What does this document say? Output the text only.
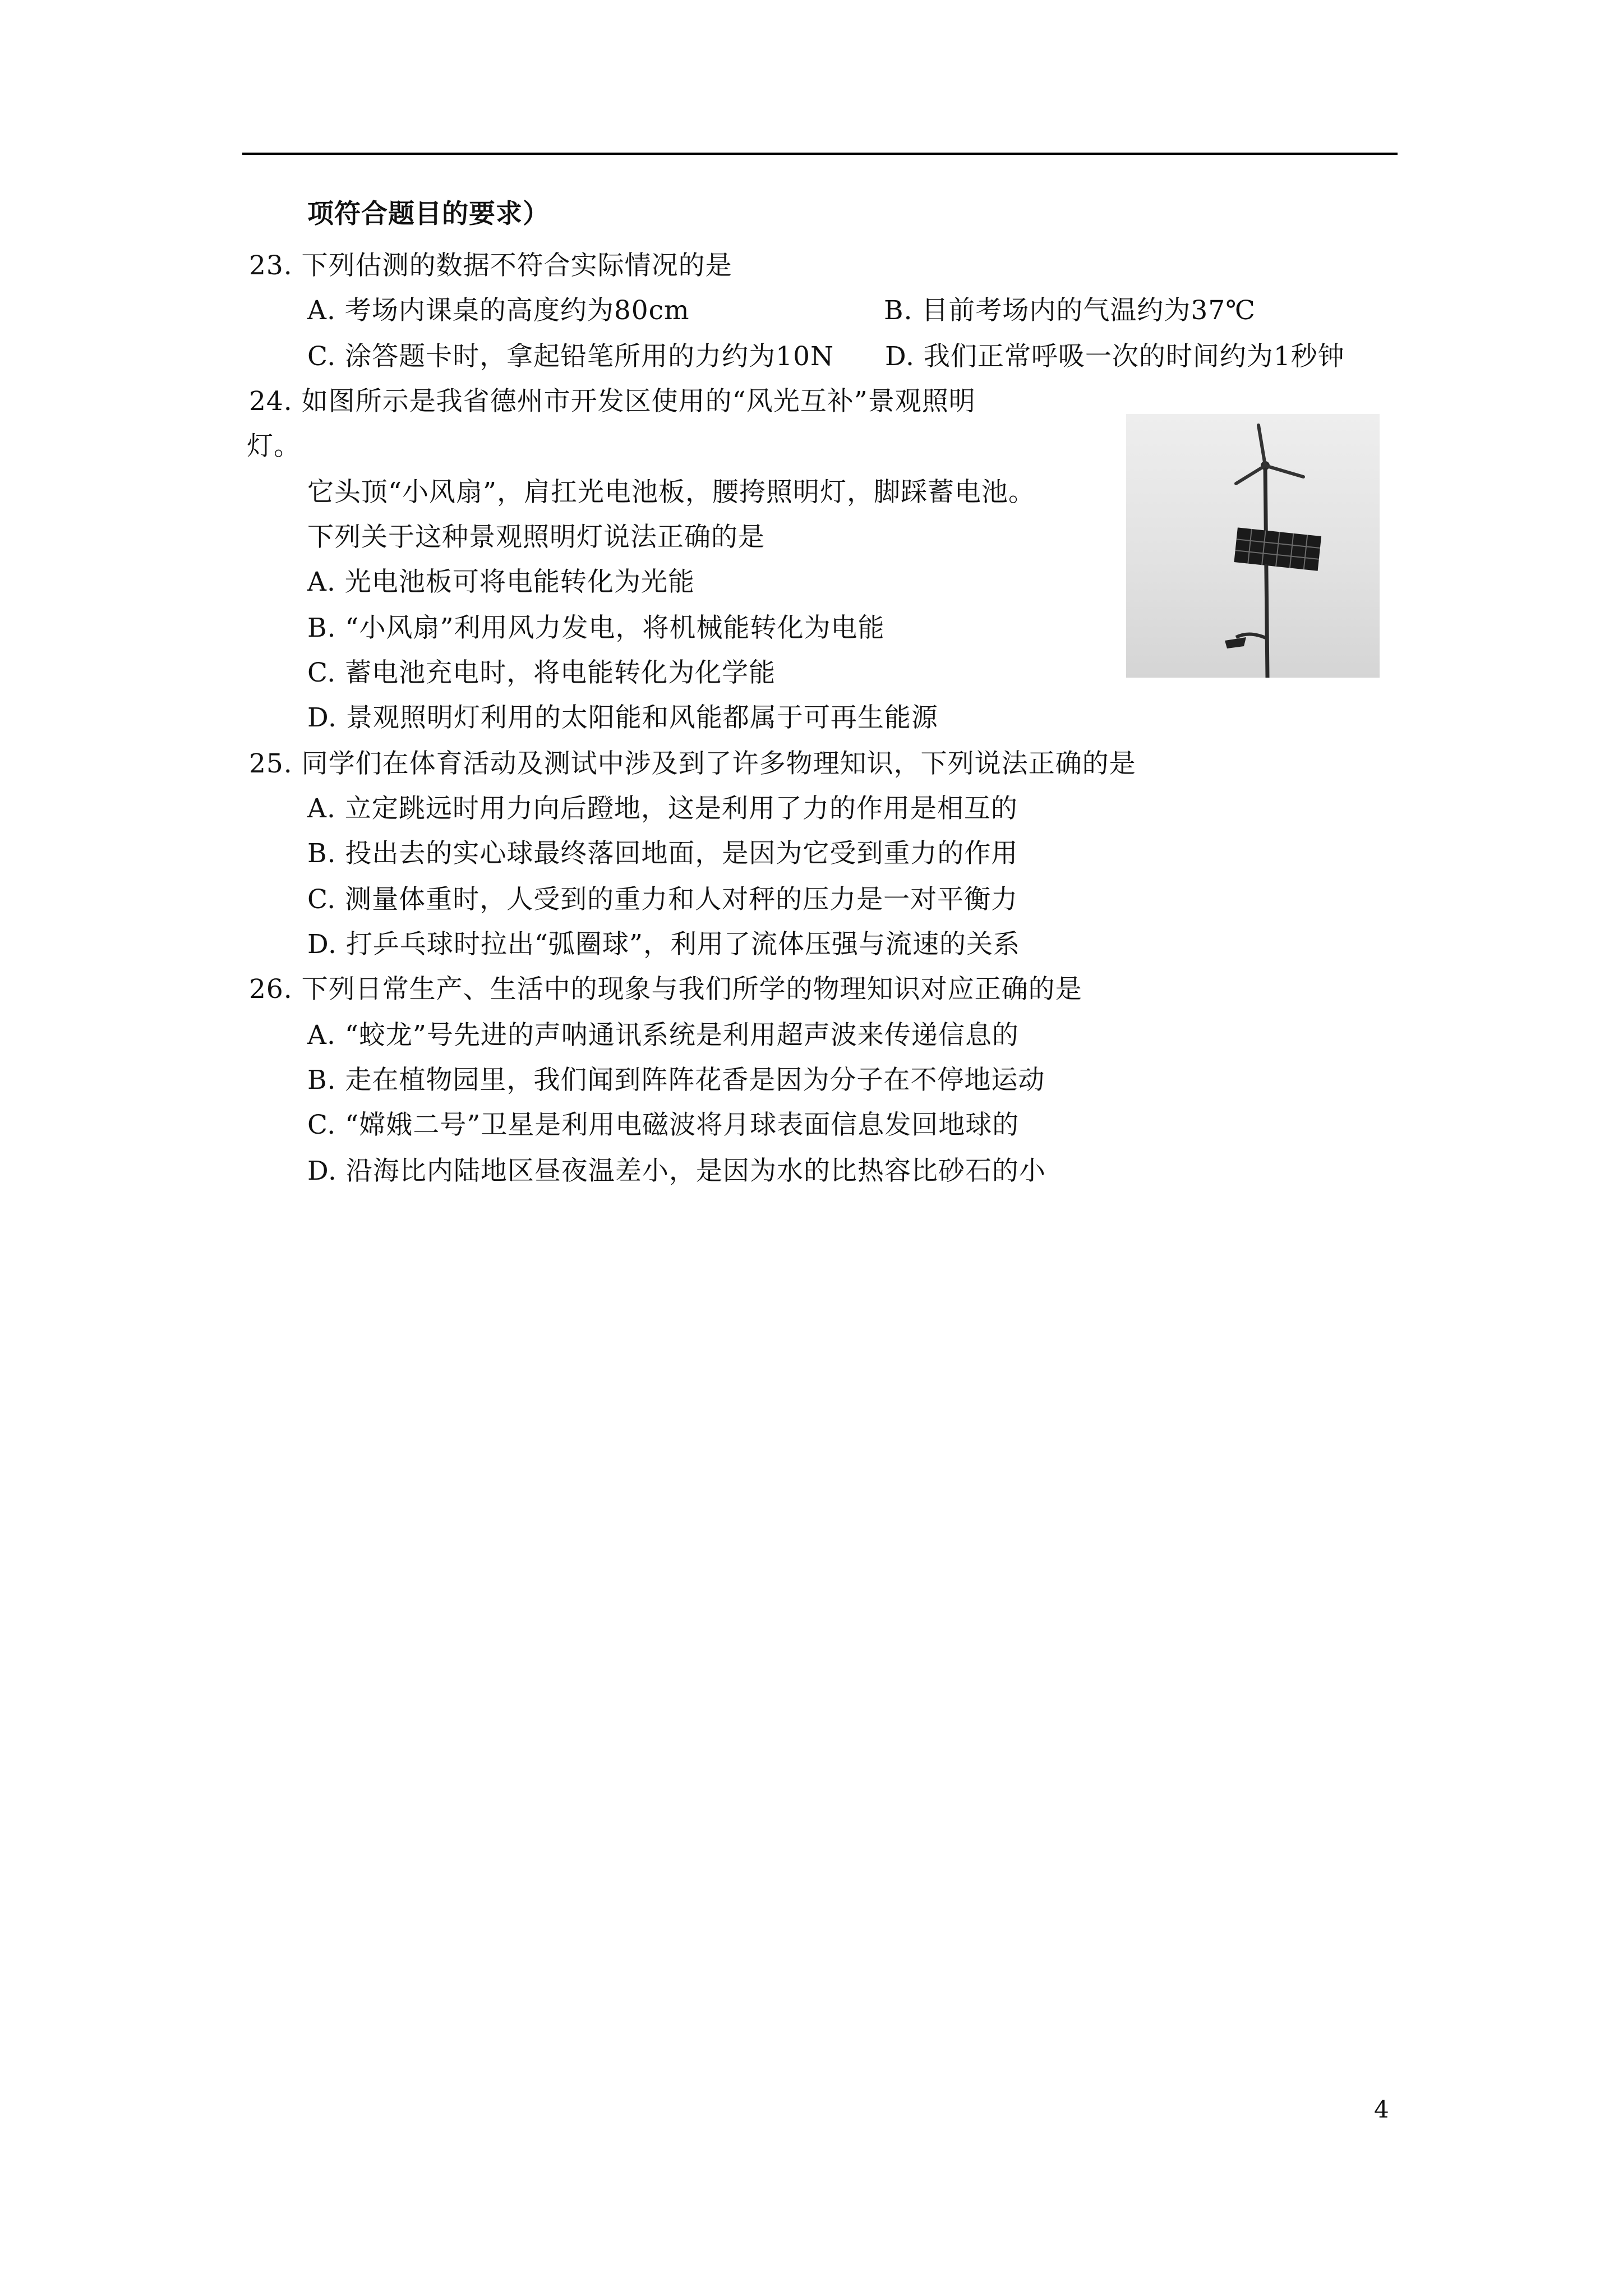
项符合题目的要求）
23. 下列估测的数据不符合实际情况的是
A. 考场内课桌的高度约为80cm	B. 目前考场内的气温约为37℃
C. 涂答题卡时，拿起铅笔所用的力约为10N D. 我们正常呼吸一次的时间约为1秒钟
24. 如图所示是我省德州市开发区使用的“风光互补”景观照明
灯。
它头顶“小风扇”，肩扛光电池板，腰挎照明灯，脚踩蓄电池。
下列关于这种景观照明灯说法正确的是
A. 光电池板可将电能转化为光能
B. “小风扇”利用风力发电，将机械能转化为电能
C. 蓄电池充电时，将电能转化为化学能
D. 景观照明灯利用的太阳能和风能都属于可再生能源
25. 同学们在体育活动及测试中涉及到了许多物理知识，下列说法正确的是
A. 立定跳远时用力向后蹬地，这是利用了力的作用是相互的
B. 投出去的实心球最终落回地面，是因为它受到重力的作用
C. 测量体重时，人受到的重力和人对秤的压力是一对平衡力
D. 打乒乓球时拉出“弧圈球”，利用了流体压强与流速的关系
26. 下列日常生产、生活中的现象与我们所学的物理知识对应正确的是
A. “蛟龙”号先进的声呐通讯系统是利用超声波来传递信息的
B. 走在植物园里，我们闻到阵阵花香是因为分子在不停地运动
C. “嫦娥二号”卫星是利用电磁波将月球表面信息发回地球的
D. 沿海比内陆地区昼夜温差小，是因为水的比热容比砂石的小
4
